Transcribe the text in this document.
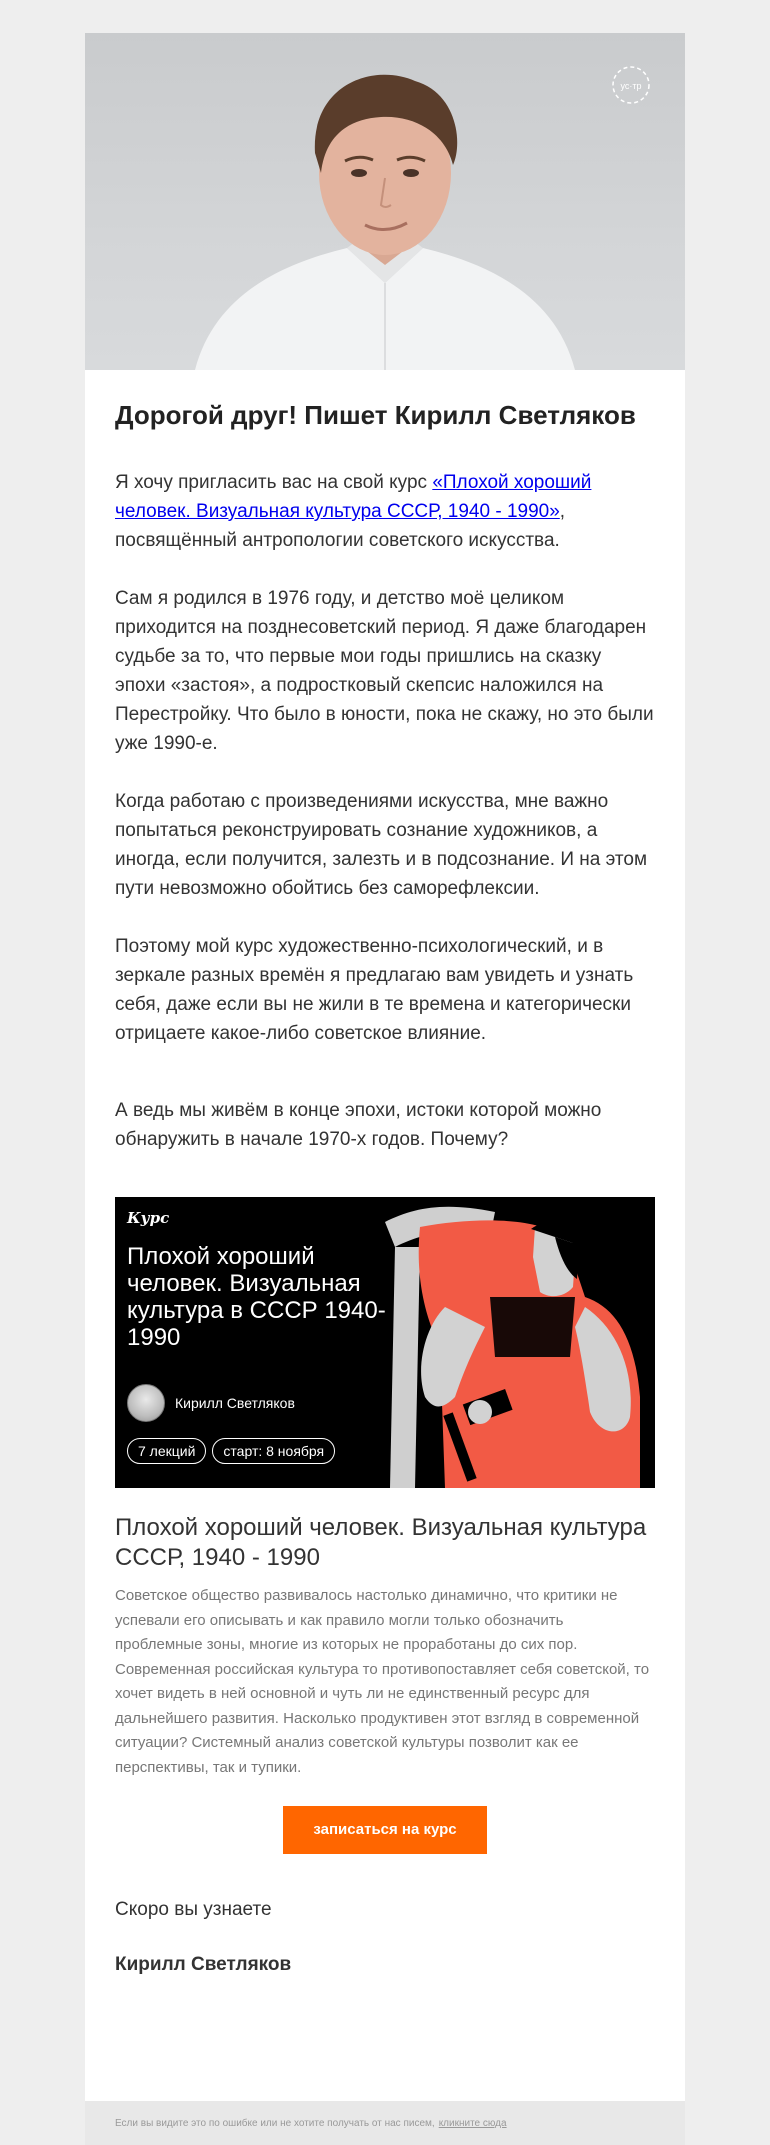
ус·тр
Дорогой друг! Пишет Кирилл Светляков

Я хочу пригласить вас на свой курс «Плохой хороший человек. Визуальная культура СССР, 1940 - 1990», посвящённый антропологии советского искусства.

Сам я родился в 1976 году, и детство моё целиком приходится на позднесоветский период. Я даже благодарен судьбе за то, что первые мои годы пришлись на сказку эпохи «застоя», а подростковый скепсис наложился на Перестройку. Что было в юности, пока не скажу, но это были
уже 1990-е.

Когда работаю с произведениями искусства, мне важно попытаться реконструировать сознание художников, а иногда, если получится, залезть и в подсознание. И на этом пути невозможно обойтись без саморефлексии.

Поэтому мой курс художественно-психологический, и в зеркале разных времён я предлагаю вам увидеть и узнать себя, даже если вы не жили в те времена и категорически отрицаете какое-либо советское влияние.

А ведь мы живём в конце эпохи, истоки которой можно обнаружить в начале 1970-х годов. Почему?

Курс
Плохой хороший человек. Визуальная культура в СССР 1940-1990
Кирилл Светляков
7 лекций	старт: 8 ноября
Плохой хороший человек. Визуальная культура СССР, 1940 - 1990

Советское общество развивалось настолько динамично, что критики не успевали его описывать и как правило могли только обозначить проблемные зоны, многие из которых не проработаны до сих пор. Современная российская культура то противопоставляет себя советской, то хочет видеть в ней основной и чуть ли не единственный ресурс для дальнейшего развития. Насколько продуктивен этот взгляд в современной ситуации? Системный анализ советской культуры позволит как ее перспективы, так и тупики.

записаться на курс

Скоро вы узнаете

Кирилл Светляков

Если вы видите это по ошибке или не хотите получать от нас писем, кликните сюда
